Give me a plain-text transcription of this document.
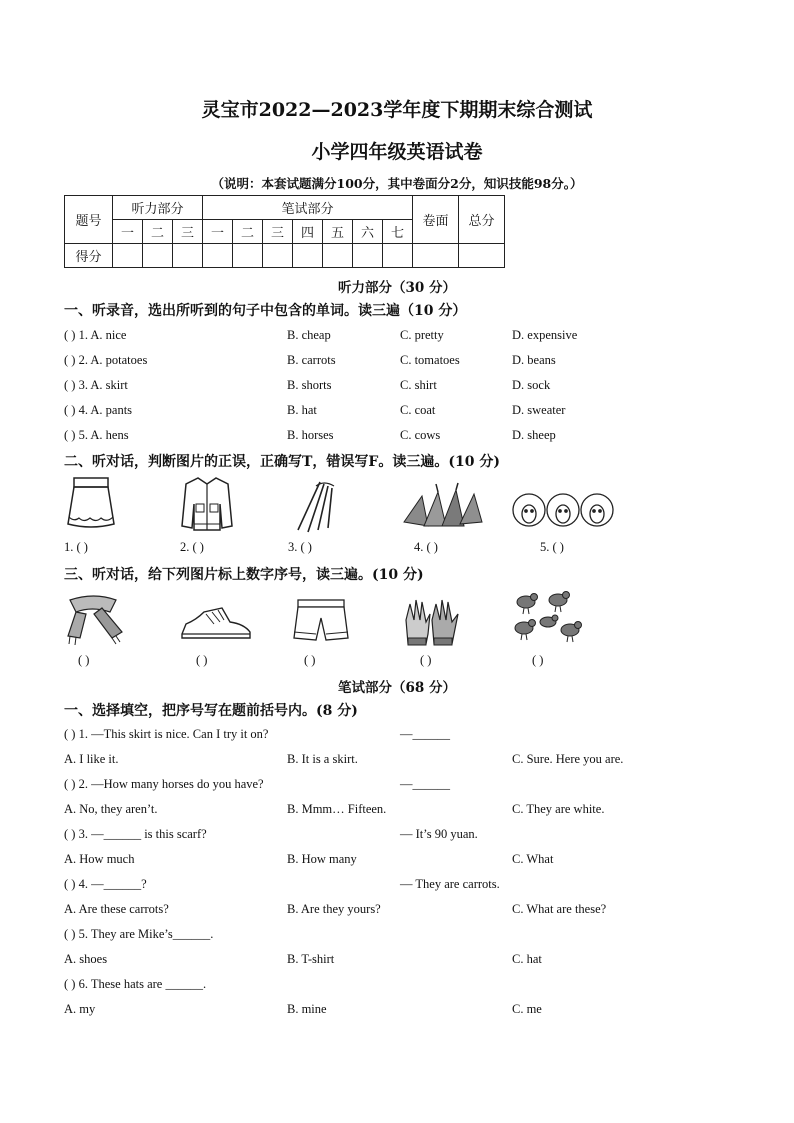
灵宝市2022—2023学年度下期期末综合测试
小学四年级英语试卷
（说明：本套试题满分100分，其中卷面分2分，知识技能98分。）
题号	听力部分			笔试部分							卷面	总分
	一	二	三	一	二	三	四	五	六	七		
得分												
听力部分（30 分）
一、听录音，选出所听到的句子中包含的单词。读三遍（10 分）
( ) 1. A. nice	B. cheap	C. pretty	D. expensive
( ) 2. A. potatoes	B. carrots	C. tomatoes	D. beans
( ) 3. A. skirt	B. shorts	C. shirt	D. sock
( ) 4. A. pants	B. hat	C. coat	D. sweater
( ) 5. A. hens	B. horses	C. cows	D. sheep
二、听对话，判断图片的正误，正确写T，错误写F。读三遍。(10 分)
1. ( )	2. ( )	3. ( )	4. ( )	5. ( )
三、听对话，给下列图片标上数字序号，读三遍。(10 分)
( )	( )	( )	( )	( )
笔试部分（68 分）
一、选择填空，把序号写在题前括号内。(8 分)
( ) 1. —This skirt is nice. Can I try it on?	—______
A. I like it.	B. It is a skirt.	C. Sure. Here you are.
( ) 2. —How many horses do you have?	—______
A. No, they aren’t.	B. Mmm… Fifteen.	C. They are white.
( ) 3. —______ is this scarf?	— It’s 90 yuan.
A. How much	B. How many	C. What
( ) 4. —______?	— They are carrots.
A. Are these carrots?	B. Are they yours?	C. What are these?
( ) 5. They are Mike’s______.
A. shoes	B. T-shirt	C. hat
( ) 6. These hats are ______.
A. my	B. mine	C. me
